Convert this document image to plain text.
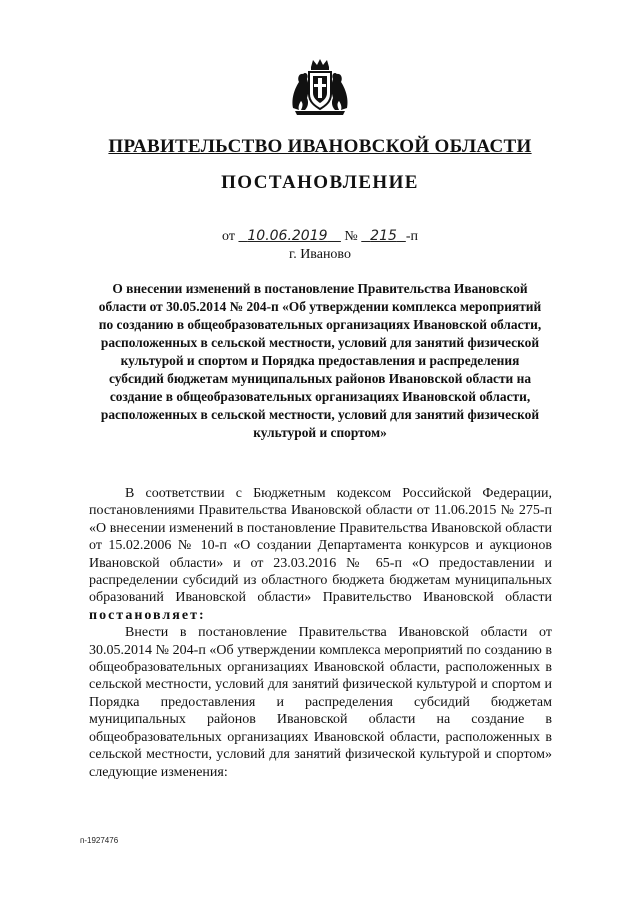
ПРАВИТЕЛЬСТВО ИВАНОВСКОЙ ОБЛАСТИ
ПОСТАНОВЛЕНИЕ
от 10.06.2019 № 215 -п
г. Иваново
О внесении изменений в постановление Правительства Ивановской области от 30.05.2014 № 204-п «Об утверждении комплекса мероприятий по созданию в общеобразовательных организациях Ивановской области, расположенных в сельской местности, условий для занятий физической культурой и спортом и Порядка предоставления и распределения субсидий бюджетам муниципальных районов Ивановской области на создание в общеобразовательных организациях Ивановской области, расположенных в сельской местности, условий для занятий физической культурой и спортом»

В соответствии с Бюджетным кодексом Российской Федерации, постановлениями Правительства Ивановской области от 11.06.2015 № 275-п «О внесении изменений в постановление Правительства Ивановской области от 15.02.2006 № 10-п «О создании Департамента конкурсов и аукционов Ивановской области» и от 23.03.2016 № 65-п «О предоставлении и распределении субсидий из областного бюджета бюджетам муниципальных образований Ивановской области» Правительство Ивановской области постановляет:

Внести в постановление Правительства Ивановской области от 30.05.2014 № 204-п «Об утверждении комплекса мероприятий по созданию в общеобразовательных организациях Ивановской области, расположенных в сельской местности, условий для занятий физической культурой и спортом и Порядка предоставления и распределения субсидий бюджетам муниципальных районов Ивановской области на создание в общеобразовательных организациях Ивановской области, расположенных в сельской местности, условий для занятий физической культурой и спортом» следующие изменения:

п-1927476
